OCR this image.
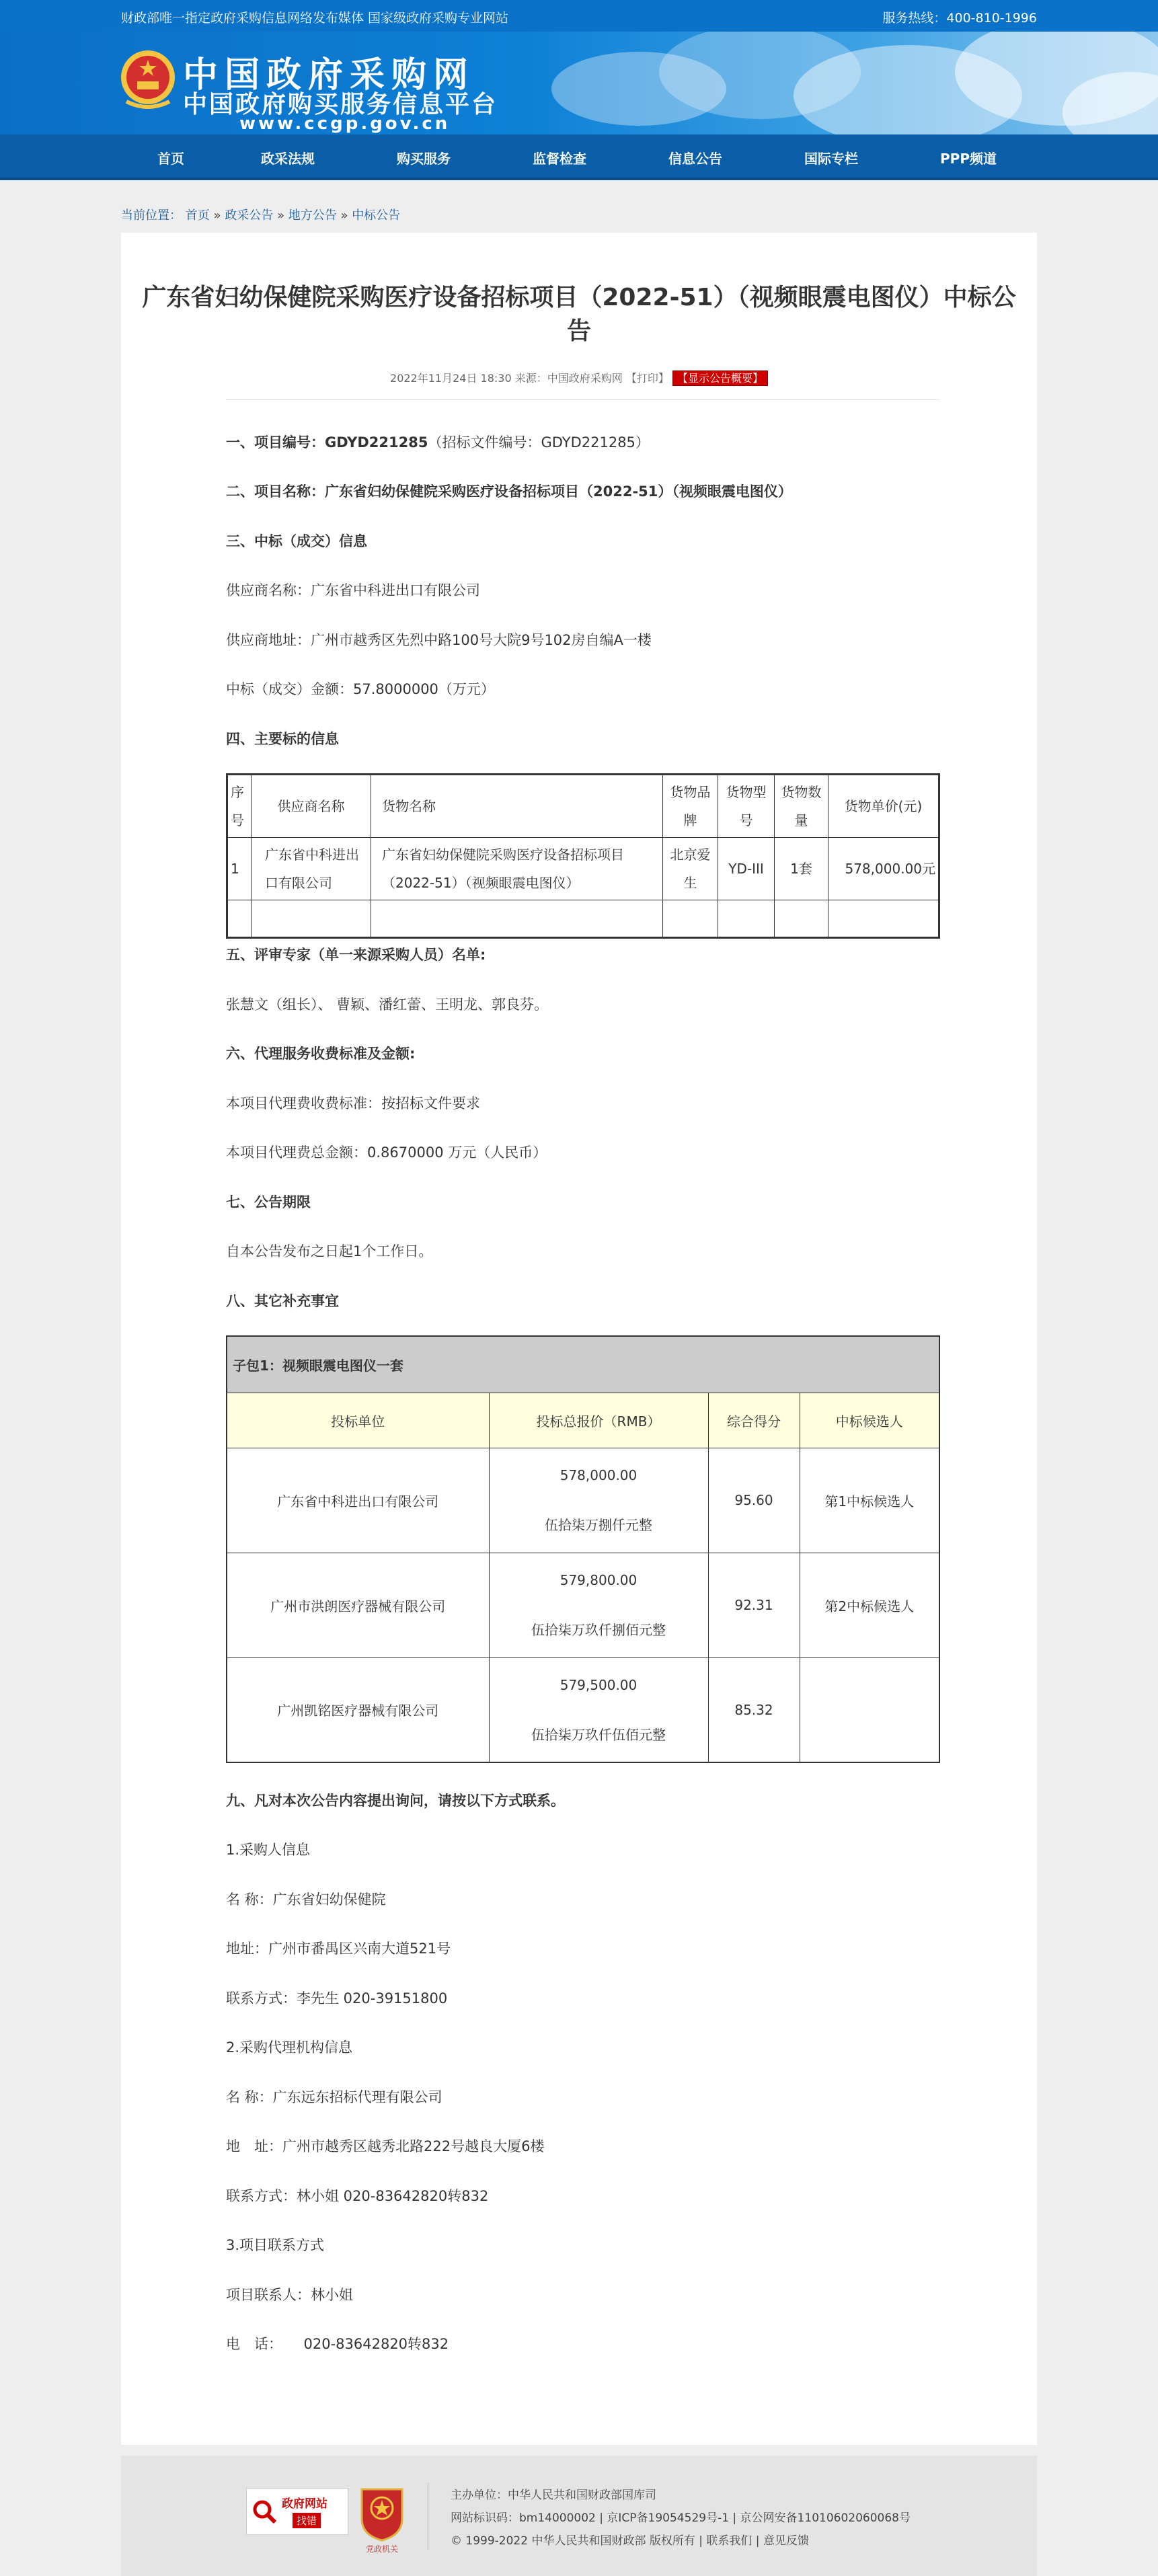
财政部唯一指定政府采购信息网络发布媒体 国家级政府采购专业网站	服务热线：400-810-1996
中国政府采购网
中国政府购买服务信息平台
www.ccgp.gov.cn
首页	政采法规	购买服务	监督检查	信息公告	国际专栏	PPP频道
当前位置： 首页 » 政采公告 » 地方公告 » 中标公告
广东省妇幼保健院采购医疗设备招标项目（2022-51）（视频眼震电图仪）中标公告
2022年11月24日 18:30 来源：中国政府采购网 【打印】 【显示公告概要】
一、项目编号：GDYD221285（招标文件编号：GDYD221285）
二、项目名称：广东省妇幼保健院采购医疗设备招标项目（2022-51）（视频眼震电图仪）
三、中标（成交）信息
供应商名称：广东省中科进出口有限公司
供应商地址：广州市越秀区先烈中路100号大院9号102房自编A一楼
中标（成交）金额：57.8000000（万元）
四、主要标的信息
序号	供应商名称	货物名称	货物品牌	货物型号	货物数量	货物单价(元)
1	广东省中科进出口有限公司	广东省妇幼保健院采购医疗设备招标项目（2022-51）（视频眼震电图仪）	北京爱生	YD-III	1套	578,000.00元

五、评审专家（单一来源采购人员）名单:
张慧文（组长）、 曹颖、潘红蕾、王明龙、郭良芬。
六、代理服务收费标准及金额:
本项目代理费收费标准：按招标文件要求
本项目代理费总金额：0.8670000 万元（人民币）
七、公告期限
自本公告发布之日起1个工作日。
八、其它补充事宜
子包1：视频眼震电图仪一套			
投标单位	投标总报价（RMB）	综合得分	中标候选人
广东省中科进出口有限公司	578,000.00
伍拾柒万捌仟元整	95.60	第1中标候选人
广州市洪朗医疗器械有限公司	579,800.00
伍拾柒万玖仟捌佰元整	92.31	第2中标候选人
广州凯铭医疗器械有限公司	579,500.00
伍拾柒万玖仟伍佰元整	85.32	
九、凡对本次公告内容提出询问，请按以下方式联系。
1.采购人信息
名 称：广东省妇幼保健院
地址：广州市番禺区兴南大道521号
联系方式：李先生 020-39151800
2.采购代理机构信息
名 称：广东远东招标代理有限公司
地　址：广州市越秀区越秀北路222号越良大厦6楼
联系方式：林小姐 020-83642820转832
3.项目联系方式
项目联系人：林小姐
电　话：　　020-83642820转832
政府网站
找错
党政机关
主办单位：中华人民共和国财政部国库司
网站标识码：bm14000002 | 京ICP备19054529号-1 | 京公网安备11010602060068号
© 1999-2022 中华人民共和国财政部 版权所有 | 联系我们 | 意见反馈
